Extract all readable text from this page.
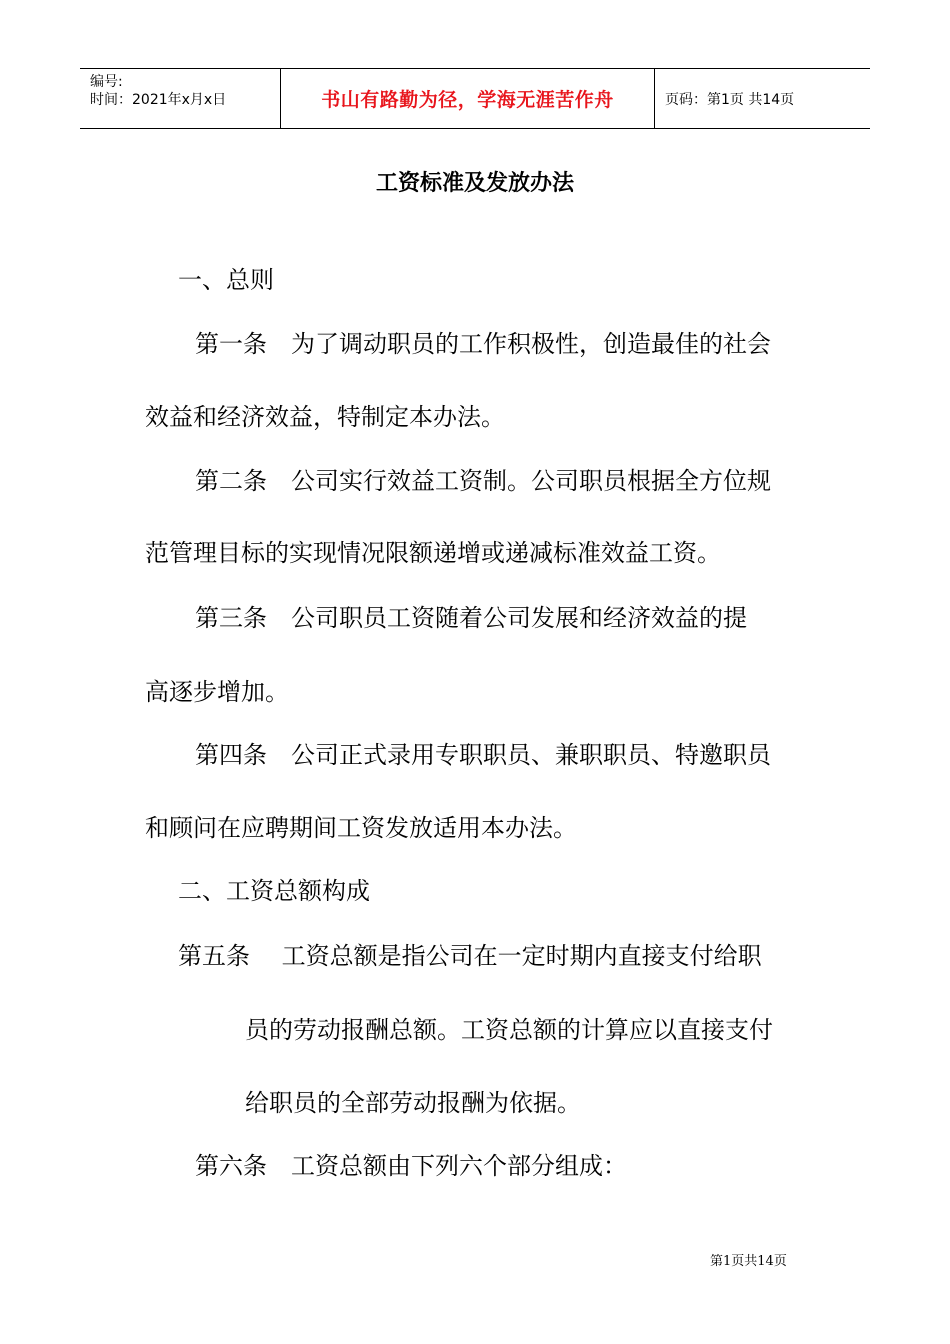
编号:
时间：2021年x月x日	书山有路勤为径，学海无涯苦作舟	页码：第1页 共14页
工资标准及发放办法
一、总则
第一条　为了调动职员的工作积极性，创造最佳的社会
效益和经济效益，特制定本办法。
第二条　公司实行效益工资制。公司职员根据全方位规
范管理目标的实现情况限额递增或递减标准效益工资。
第三条　公司职员工资随着公司发展和经济效益的提
高逐步增加。
第四条　公司正式录用专职职员、兼职职员、特邀职员
和顾问在应聘期间工资发放适用本办法。
二、工资总额构成
第五条　 工资总额是指公司在一定时期内直接支付给职
员的劳动报酬总额。工资总额的计算应以直接支付
给职员的全部劳动报酬为依据。
第六条　工资总额由下列六个部分组成：
第1页共14页
